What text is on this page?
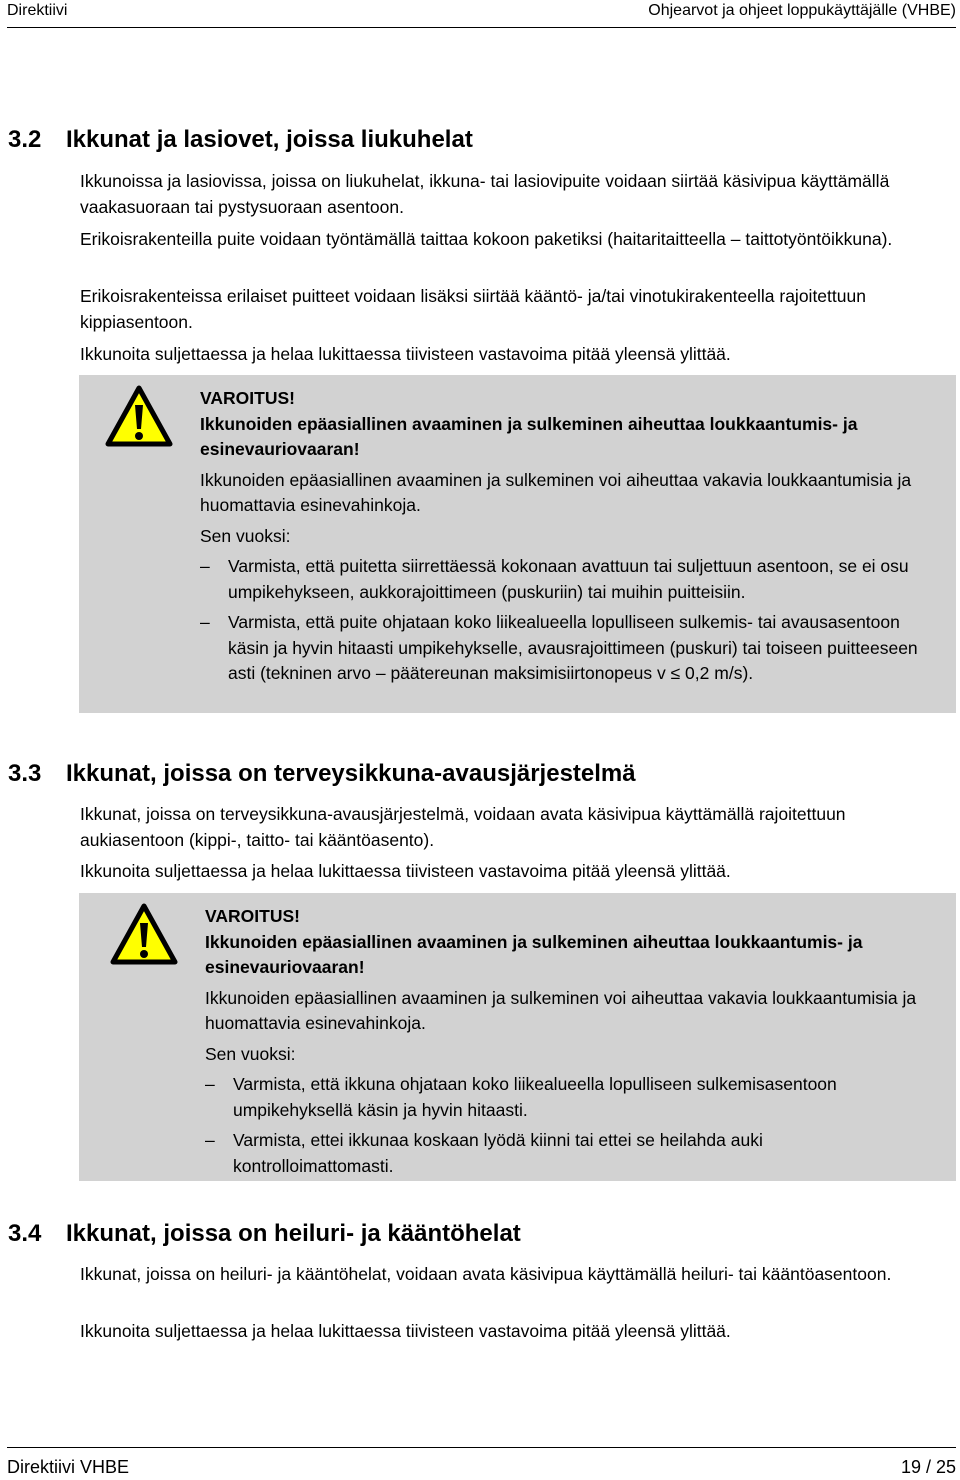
Direktiivi	Ohjearvot ja ohjeet loppukäyttäjälle (VHBE)
3.2 Ikkunat ja lasiovet, joissa liukuhelat
Ikkunoissa ja lasiovissa, joissa on liukuhelat, ikkuna- tai lasiovipuite voidaan siirtää käsivipua käyttämällä vaakasuoraan tai pystysuoraan asentoon.
Erikoisrakenteilla puite voidaan työntämällä taittaa kokoon paketiksi (haitaritaitteella – taittotyöntöikkuna).
Erikoisrakenteissa erilaiset puitteet voidaan lisäksi siirtää kääntö- ja/tai vinotukirakenteella rajoitettuun kippiasentoon.
Ikkunoita suljettaessa ja helaa lukittaessa tiivisteen vastavoima pitää yleensä ylittää.

VAROITUS!

Ikkunoiden epäasiallinen avaaminen ja sulkeminen aiheuttaa loukkaantumis- ja esinevauriovaaran!

Ikkunoiden epäasiallinen avaaminen ja sulkeminen voi aiheuttaa vakavia loukkaantumisia ja huomattavia esinevahinkoja.

Sen vuoksi:

– Varmista, että puitetta siirrettäessä kokonaan avattuun tai suljettuun asentoon, se ei osu umpikehykseen, aukkorajoittimeen (puskuriin) tai muihin puitteisiin.
– Varmista, että puite ohjataan koko liikealueella lopulliseen sulkemis- tai avausasentoon käsin ja hyvin hitaasti umpikehykselle, avausrajoittimeen (puskuri) tai toiseen puitteeseen asti (tekninen arvo – päätereunan maksimisiirtonopeus v ≤ 0,2 m/s).
3.3 Ikkunat, joissa on terveysikkuna-avausjärjestelmä
Ikkunat, joissa on terveysikkuna-avausjärjestelmä, voidaan avata käsivipua käyttämällä rajoitettuun aukiasentoon (kippi-, taitto- tai kääntöasento).
Ikkunoita suljettaessa ja helaa lukittaessa tiivisteen vastavoima pitää yleensä ylittää.

VAROITUS!

Ikkunoiden epäasiallinen avaaminen ja sulkeminen aiheuttaa loukkaantumis- ja esinevauriovaaran!

Ikkunoiden epäasiallinen avaaminen ja sulkeminen voi aiheuttaa vakavia loukkaantumisia ja huomattavia esinevahinkoja.

Sen vuoksi:

– Varmista, että ikkuna ohjataan koko liikealueella lopulliseen sulkemisasentoon umpikehyksellä käsin ja hyvin hitaasti.
– Varmista, ettei ikkunaa koskaan lyödä kiinni tai ettei se heilahda auki kontrolloimattomasti.
3.4 Ikkunat, joissa on heiluri- ja kääntöhelat
Ikkunat, joissa on heiluri- ja kääntöhelat, voidaan avata käsivipua käyttämällä heiluri- tai kääntöasentoon.
Ikkunoita suljettaessa ja helaa lukittaessa tiivisteen vastavoima pitää yleensä ylittää.
Direktiivi VHBE	19 / 25
